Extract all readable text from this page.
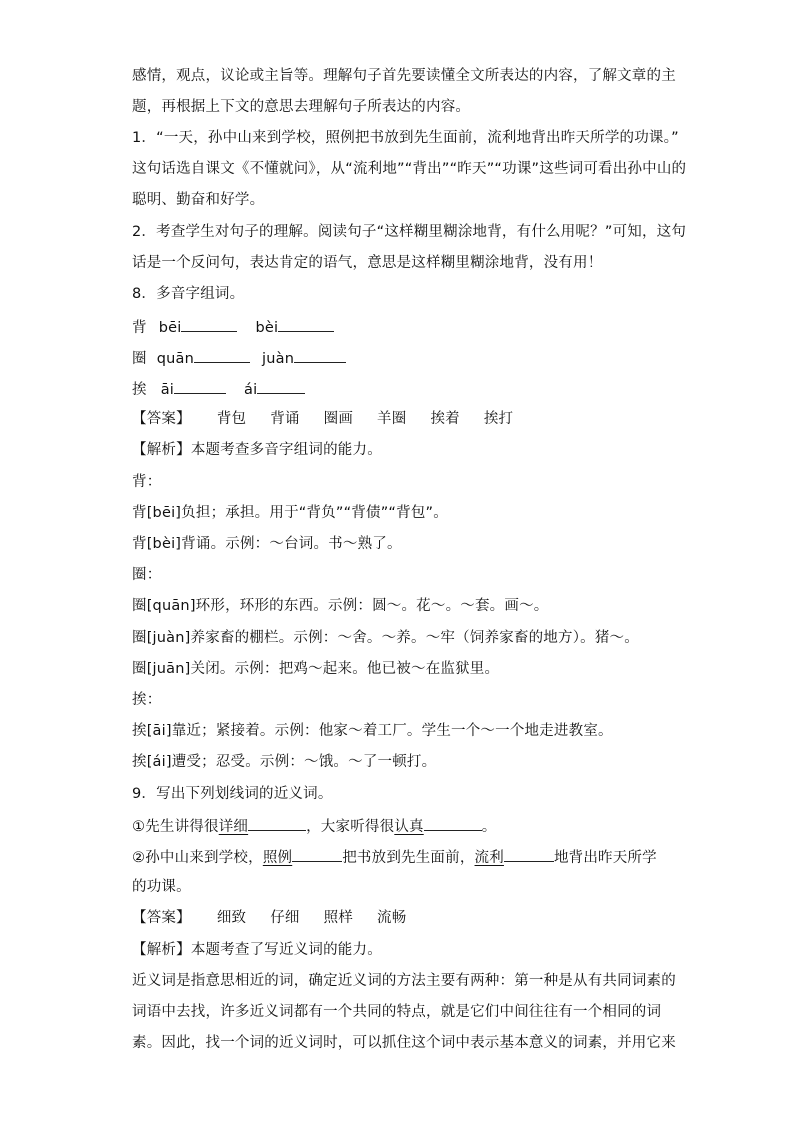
感情，观点，议论或主旨等。理解句子首先要读懂全文所表达的内容，了解文章的主
题，再根据上下文的意思去理解句子所表达的内容。
1．“一天，孙中山来到学校，照例把书放到先生面前，流利地背出昨天所学的功课。”
这句话选自课文《不懂就问》，从“流利地”“背出”“昨天”“功课”这些词可看出孙中山的
聪明、勤奋和好学。
2．考查学生对句子的理解。阅读句子“这样糊里糊涂地背，有什么用呢？”可知，这句
话是一个反问句，表达肯定的语气，意思是这样糊里糊涂地背，没有用！
8．多音字组词。
背 bēi	bèi
圈 quān	juàn
挨 āi	ái
【答案】 背包 背诵 圈画 羊圈 挨着 挨打
【解析】本题考查多音字组词的能力。
背：
背[bēi]负担；承担。用于“背负”“背债”“背包”。
背[bèi]背诵。示例：～台词。书～熟了。
圈：
圈[quān]环形，环形的东西。示例：圆～。花～。～套。画～。
圈[juàn]养家畜的棚栏。示例：～舍。～养。～牢（饲养家畜的地方）。猪～。
圈[juān]关闭。示例：把鸡～起来。他已被～在监狱里。
挨：
挨[āi]靠近；紧接着。示例：他家～着工厂。学生一个～一个地走进教室。
挨[ái]遭受；忍受。示例：～饿。～了一顿打。
9．写出下列划线词的近义词。
①先生讲得很详细	，大家听得很认真	。
②孙中山来到学校，照例	把书放到先生面前，流利	地背出昨天所学
的功课。
【答案】 细致 仔细 照样 流畅
【解析】本题考查了写近义词的能力。
近义词是指意思相近的词，确定近义词的方法主要有两种：第一种是从有共同词素的
词语中去找，许多近义词都有一个共同的特点，就是它们中间往往有一个相同的词
素。因此，找一个词的近义词时，可以抓住这个词中表示基本意义的词素，并用它来
